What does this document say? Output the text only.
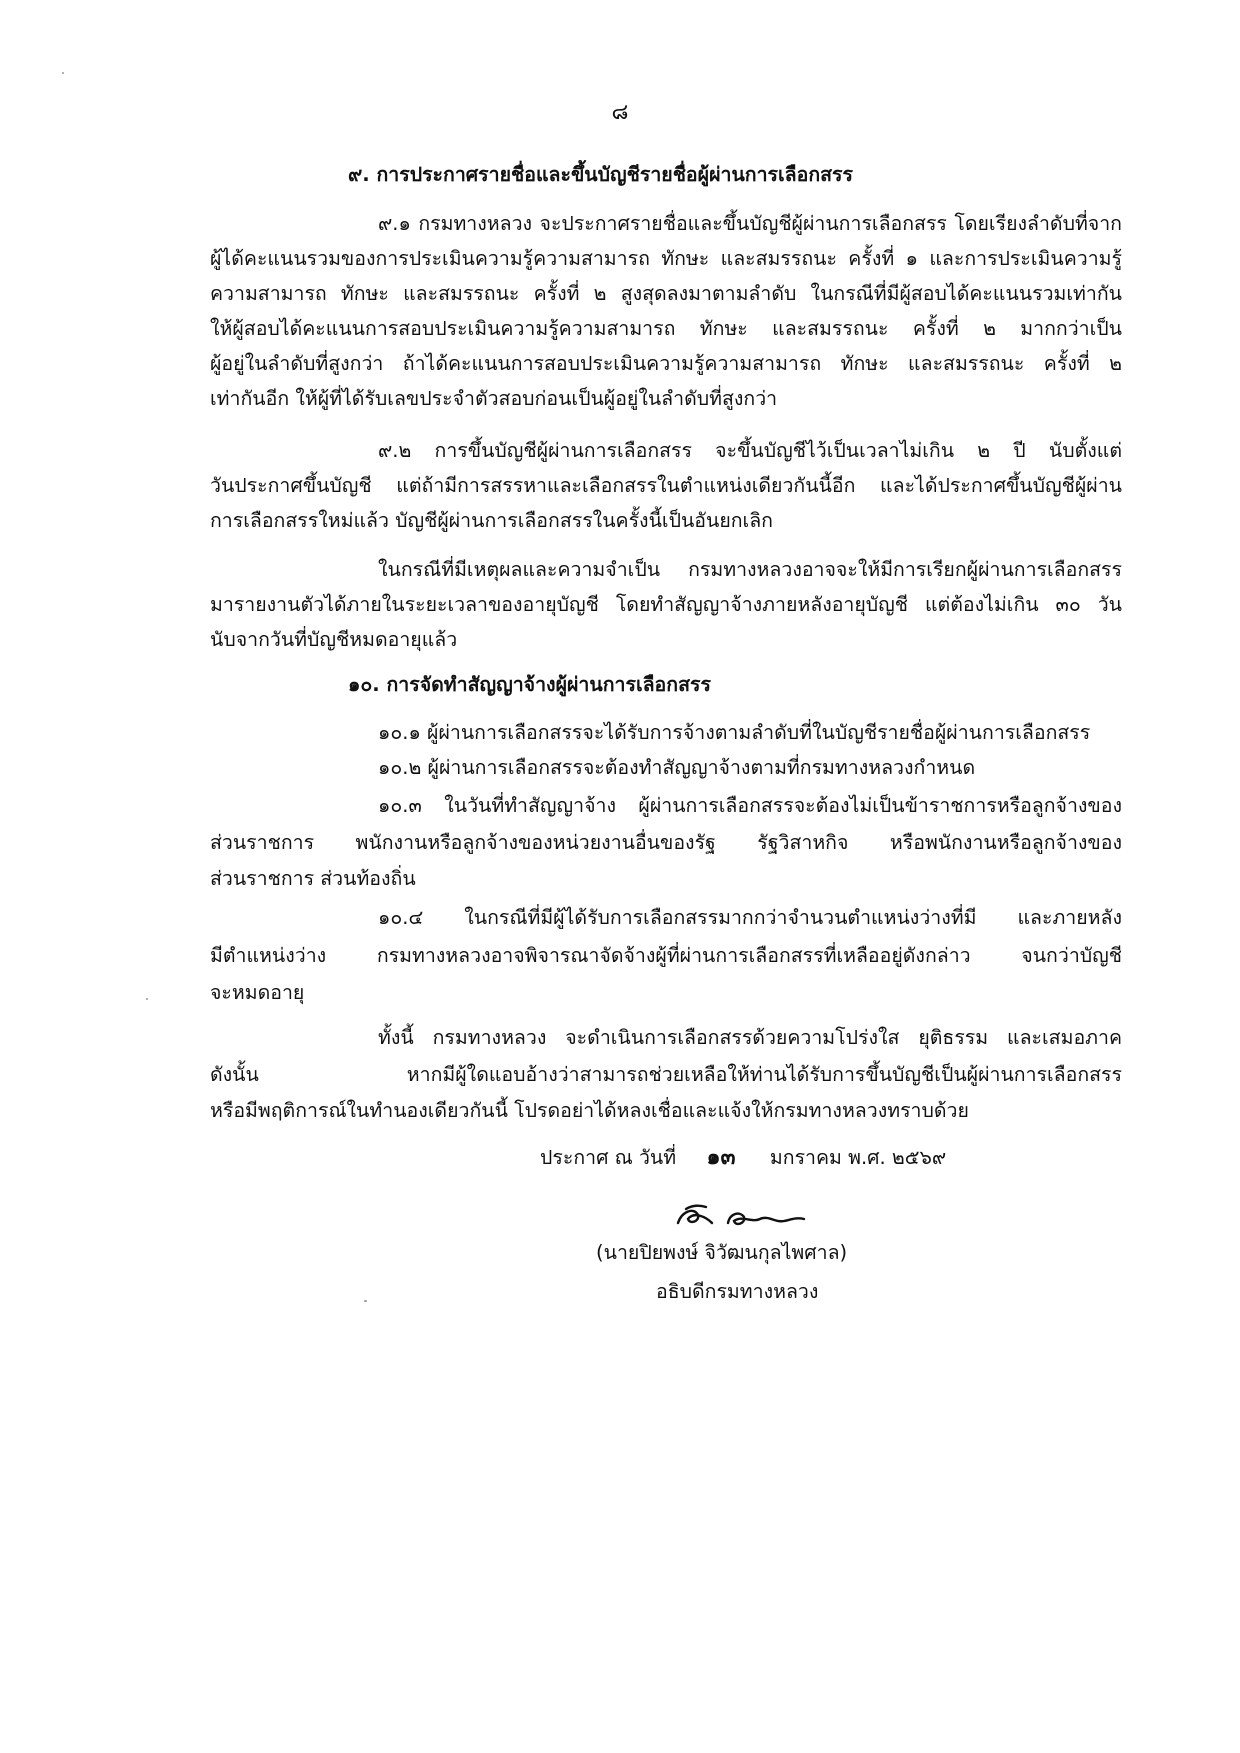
๘
๙. การประกาศรายชื่อและขึ้นบัญชีรายชื่อผู้ผ่านการเลือกสรร
๙.๑ กรมทางหลวง จะประกาศรายชื่อและขึ้นบัญชีผู้ผ่านการเลือกสรร โดยเรียงลำดับที่จาก
ผู้ได้คะแนนรวมของการประเมินความรู้ความสามารถ ทักษะ และสมรรถนะ ครั้งที่ ๑ และการประเมินความรู้
ความสามารถ ทักษะ และสมรรถนะ ครั้งที่ ๒ สูงสุดลงมาตามลำดับ ในกรณีที่มีผู้สอบได้คะแนนรวมเท่ากัน
ให้ผู้สอบได้คะแนนการสอบประเมินความรู้ความสามารถ ทักษะ และสมรรถนะ ครั้งที่ ๒ มากกว่าเป็น
ผู้อยู่ในลำดับที่สูงกว่า ถ้าได้คะแนนการสอบประเมินความรู้ความสามารถ ทักษะ และสมรรถนะ ครั้งที่ ๒
เท่ากันอีก ให้ผู้ที่ได้รับเลขประจำตัวสอบก่อนเป็นผู้อยู่ในลำดับที่สูงกว่า
๙.๒ การขึ้นบัญชีผู้ผ่านการเลือกสรร จะขึ้นบัญชีไว้เป็นเวลาไม่เกิน ๒ ปี นับตั้งแต่
วันประกาศขึ้นบัญชี แต่ถ้ามีการสรรหาและเลือกสรรในตำแหน่งเดียวกันนี้อีก และได้ประกาศขึ้นบัญชีผู้ผ่าน
การเลือกสรรใหม่แล้ว บัญชีผู้ผ่านการเลือกสรรในครั้งนี้เป็นอันยกเลิก
ในกรณีที่มีเหตุผลและความจำเป็น กรมทางหลวงอาจจะให้มีการเรียกผู้ผ่านการเลือกสรร
มารายงานตัวได้ภายในระยะเวลาของอายุบัญชี โดยทำสัญญาจ้างภายหลังอายุบัญชี แต่ต้องไม่เกิน ๓๐ วัน
นับจากวันที่บัญชีหมดอายุแล้ว
๑๐. การจัดทำสัญญาจ้างผู้ผ่านการเลือกสรร
๑๐.๑ ผู้ผ่านการเลือกสรรจะได้รับการจ้างตามลำดับที่ในบัญชีรายชื่อผู้ผ่านการเลือกสรร
๑๐.๒ ผู้ผ่านการเลือกสรรจะต้องทำสัญญาจ้างตามที่กรมทางหลวงกำหนด
๑๐.๓ ในวันที่ทำสัญญาจ้าง ผู้ผ่านการเลือกสรรจะต้องไม่เป็นข้าราชการหรือลูกจ้างของ
ส่วนราชการ พนักงานหรือลูกจ้างของหน่วยงานอื่นของรัฐ รัฐวิสาหกิจ หรือพนักงานหรือลูกจ้างของ
ส่วนราชการ ส่วนท้องถิ่น
๑๐.๔ ในกรณีที่มีผู้ได้รับการเลือกสรรมากกว่าจำนวนตำแหน่งว่างที่มี และภายหลัง
มีตำแหน่งว่าง กรมทางหลวงอาจพิจารณาจัดจ้างผู้ที่ผ่านการเลือกสรรที่เหลืออยู่ดังกล่าว จนกว่าบัญชี
จะหมดอายุ
ทั้งนี้ กรมทางหลวง จะดำเนินการเลือกสรรด้วยความโปร่งใส ยุติธรรม และเสมอภาค
ดังนั้น หากมีผู้ใดแอบอ้างว่าสามารถช่วยเหลือให้ท่านได้รับการขึ้นบัญชีเป็นผู้ผ่านการเลือกสรร
หรือมีพฤติการณ์ในทำนองเดียวกันนี้ โปรดอย่าได้หลงเชื่อและแจ้งให้กรมทางหลวงทราบด้วย
ประกาศ ณ วันที่ ๑๓ มกราคม พ.ศ. ๒๕๖๙
(นายปิยพงษ์ จิวัฒนกุลไพศาล)
อธิบดีกรมทางหลวง
